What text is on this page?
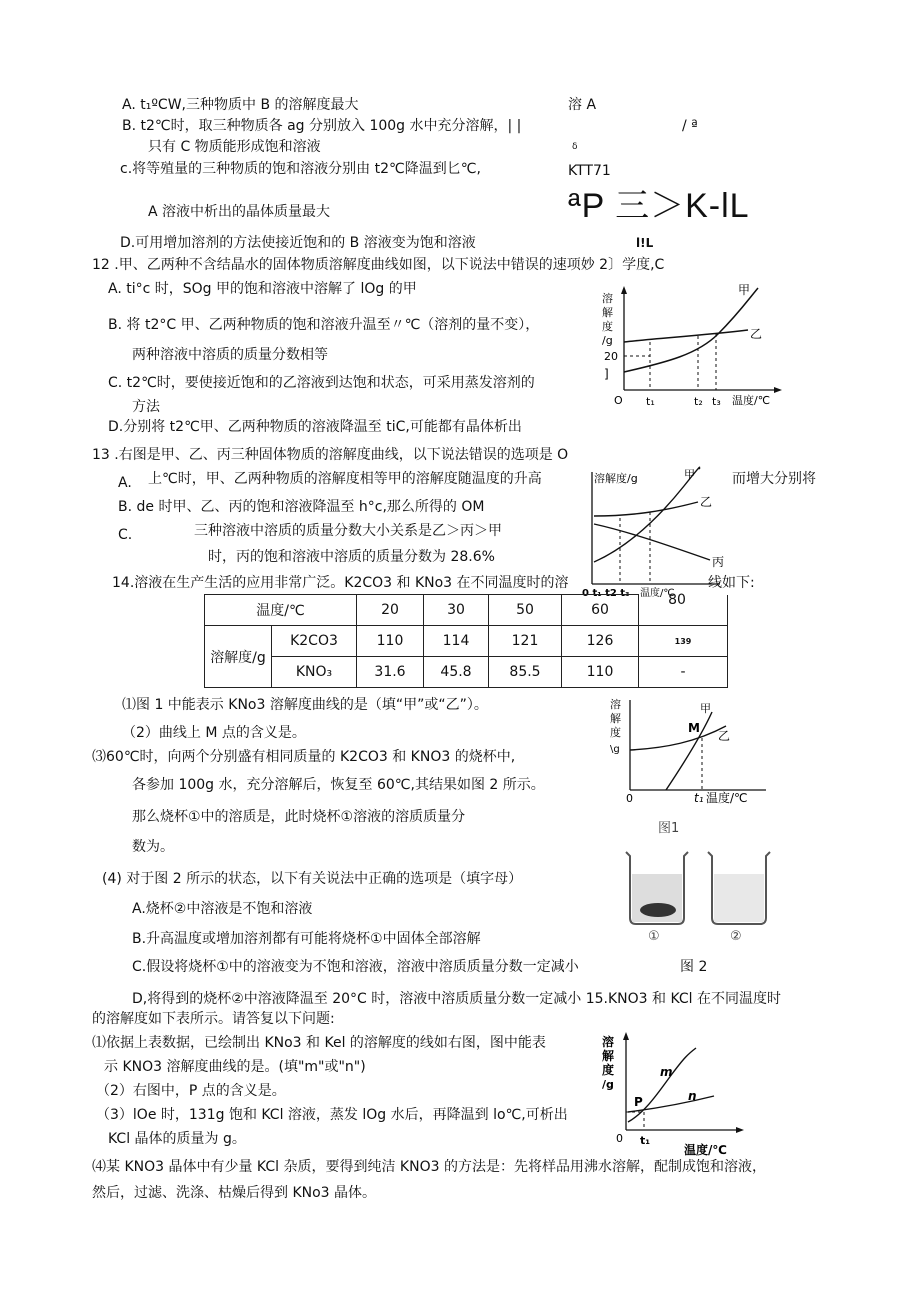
A. t₁ºCW,三种物质中 B 的溶解度最大	溶 A
B. t2℃时，取三种物质各 ag 分别放入 100g 水中充分溶解，| |	/ ª
只有 C 物质能形成饱和溶液	δ
c.将等殖量的三种物质的饱和溶液分别由 t2℃降温到匕℃,	KTT71
A 溶液中析出的晶体质量最大	ªP 三＞K-lL
D.可用增加溶剂的方法使接近饱和的 B 溶液变为饱和溶液	l!L
12 .甲、乙两种不含结晶水的固体物质溶解度曲线如图，以下说法中错误的速项妙 2〕学度,C
A. ti°c 时，SOg 甲的饱和溶液中溶解了 lOg 的甲
B. 将 t2°C 甲、乙两种物质的饱和溶液升温至〃℃（溶剂的量不变），
两种溶液中溶质的质量分数相等
C. t2℃时，要使接近饱和的乙溶液到达饱和状态，可采用蒸发溶剂的
方法
D.分别将 t2℃甲、乙两种物质的溶液降温至 tiC,可能都有晶体析出
溶
解
度
/g
20
]
O t₁	t₂ t₃ 温度/℃
甲
乙
13 .右图是甲、乙、丙三种固体物质的溶解度曲线，以下说法错误的选项是 O
A. 上℃时，甲、乙两种物质的溶解度相等甲的溶解度随温度的升高	而增大分别将
B. de 时甲、乙、丙的饱和溶液降温至 h°c,那么所得的 OM
C.	三种溶液中溶质的质量分数大小关系是乙＞丙＞甲
时，丙的饱和溶液中溶质的质量分数为 28.6%
溶解度/g	甲
乙
丙
0 t₁ t2 t₃ 温度/℃
14.溶液在生产生活的应用非常广泛。K2CO3 和 KNo3 在不同温度时的溶	线如下:
温度/℃		20	30	50	60	80
溶解度/g	K2CO3	110	114	121	126	139
	KNO₃	31.6	45.8	85.5	110	-
⑴图 1 中能表示 KNo3 溶解度曲线的是（填“甲”或“乙”）。
（2）曲线上 M 点的含义是。
⑶60℃时，向两个分别盛有相同质量的 K2CO3 和 KNO3 的烧杯中,
各参加 100g 水，充分溶解后，恢复至 60℃,其结果如图 2 所示。
那么烧杯①中的溶质是，此时烧杯①溶液的溶质质量分
数为。
(4) 对于图 2 所示的状态，以下有关说法中正确的选项是（填字母）
A.烧杯②中溶液是不饱和溶液
B.升高温度或增加溶剂都有可能将烧杯①中固体全部溶解
C.假设将烧杯①中的溶液变为不饱和溶液，溶液中溶质质量分数一定减小	图 2
D,将得到的烧杯②中溶液降温至 20°C 时，溶液中溶质质量分数一定减小 15.KNO3 和 KCl 在不同温度时
溶
解
度
\g
甲
乙
M
0	t₁ 温度/℃
图1
①	②
的溶解度如下表所示。请答复以下问题:
⑴依据上表数据，已绘制出 KNo3 和 Kel 的溶解度的线如右图，图中能表
示 KNO3 溶解度曲线的是。(填"m"或"n")
（2）右图中，P 点的含义是。
（3）lOe 时，131g 饱和 KCl 溶液，蒸发 lOg 水后，再降温到 lo℃,可析出
KCl 晶体的质量为 g。
⑷某 KNO3 晶体中有少量 KCl 杂质，要得到纯洁 KNO3 的方法是：先将样品用沸水溶解，配制成饱和溶液，
然后，过滤、洗涤、枯燥后得到 KNo3 晶体。
溶
解
度
/g
m
n
P
0 t₁
温度/℃
